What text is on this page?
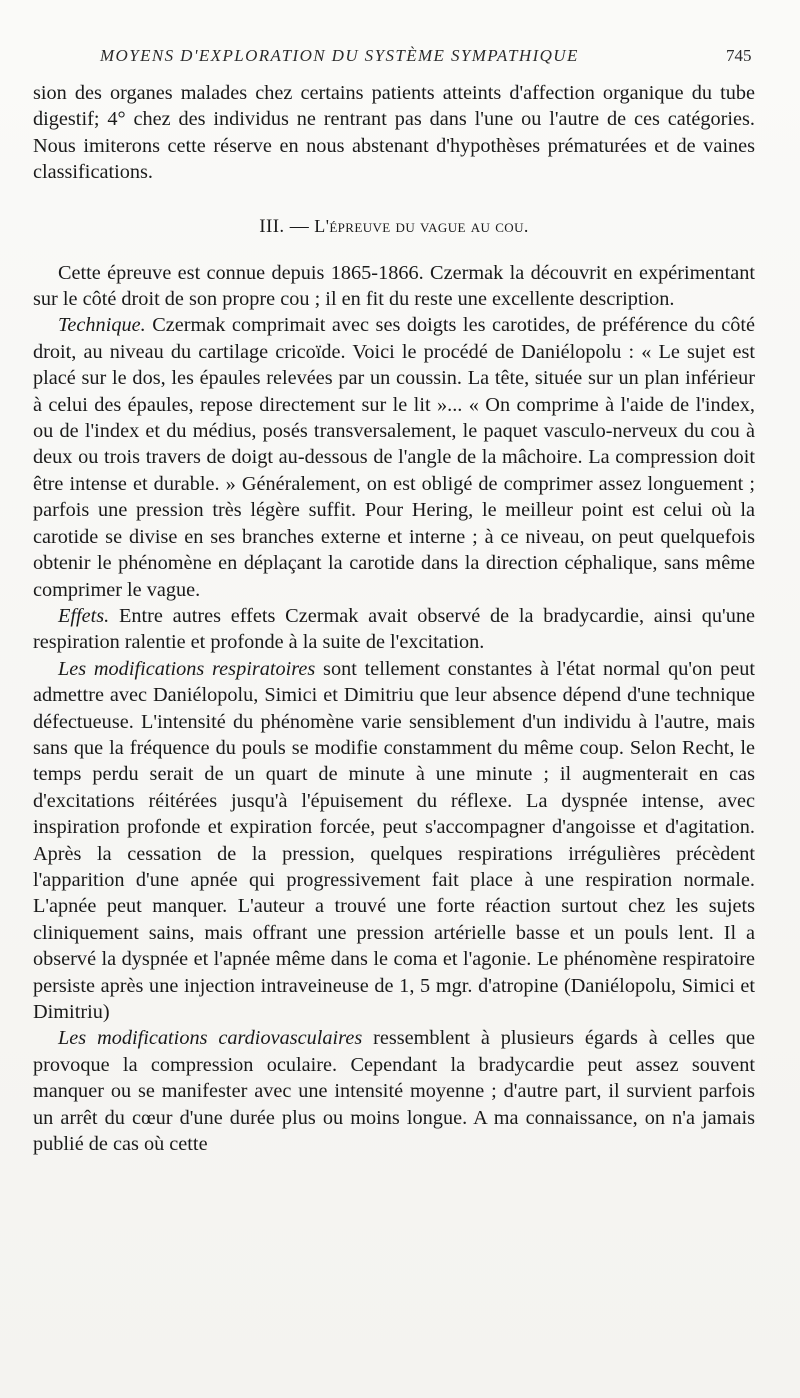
MOYENS D'EXPLORATION DU SYSTÈME SYMPATHIQUE	745

sion des organes malades chez certains patients atteints d'affection organique du tube digestif; 4° chez des individus ne rentrant pas dans l'une ou l'autre de ces catégories. Nous imiterons cette réserve en nous abstenant d'hypothèses prématurées et de vaines classifications.

III. — L'épreuve du vague au cou.

Cette épreuve est connue depuis 1865-1866. Czermak la découvrit en expérimentant sur le côté droit de son propre cou ; il en fit du reste une excellente description.

Technique. Czermak comprimait avec ses doigts les carotides, de préférence du côté droit, au niveau du cartilage cricoïde. Voici le procédé de Daniélopolu : « Le sujet est placé sur le dos, les épaules relevées par un coussin. La tête, située sur un plan inférieur à celui des épaules, repose directement sur le lit »... « On comprime à l'aide de l'index, ou de l'index et du médius, posés transversalement, le paquet vasculo-nerveux du cou à deux ou trois travers de doigt au-dessous de l'angle de la mâchoire. La compression doit être intense et durable. » Généralement, on est obligé de comprimer assez longuement ; parfois une pression très légère suffit. Pour Hering, le meilleur point est celui où la carotide se divise en ses branches externe et interne ; à ce niveau, on peut quelquefois obtenir le phénomène en déplaçant la carotide dans la direction céphalique, sans même comprimer le vague.

Effets. Entre autres effets Czermak avait observé de la bradycardie, ainsi qu'une respiration ralentie et profonde à la suite de l'excitation.

Les modifications respiratoires sont tellement constantes à l'état normal qu'on peut admettre avec Daniélopolu, Simici et Dimitriu que leur absence dépend d'une technique défectueuse. L'intensité du phénomène varie sensiblement d'un individu à l'autre, mais sans que la fréquence du pouls se modifie constamment du même coup. Selon Recht, le temps perdu serait de un quart de minute à une minute ; il augmenterait en cas d'excitations réitérées jusqu'à l'épuisement du réflexe. La dyspnée intense, avec inspiration profonde et expiration forcée, peut s'accompagner d'angoisse et d'agitation. Après la cessation de la pression, quelques respirations irrégulières précèdent l'apparition d'une apnée qui progressivement fait place à une respiration normale. L'apnée peut manquer. L'auteur a trouvé une forte réaction surtout chez les sujets cliniquement sains, mais offrant une pression artérielle basse et un pouls lent. Il a observé la dyspnée et l'apnée même dans le coma et l'agonie. Le phénomène respiratoire persiste après une injection intraveineuse de 1, 5 mgr. d'atropine (Daniélopolu, Simici et Dimitriu)

Les modifications cardiovasculaires ressemblent à plusieurs égards à celles que provoque la compression oculaire. Cependant la bradycardie peut assez souvent manquer ou se manifester avec une intensité moyenne ; d'autre part, il survient parfois un arrêt du cœur d'une durée plus ou moins longue. A ma connaissance, on n'a jamais publié de cas où cette
